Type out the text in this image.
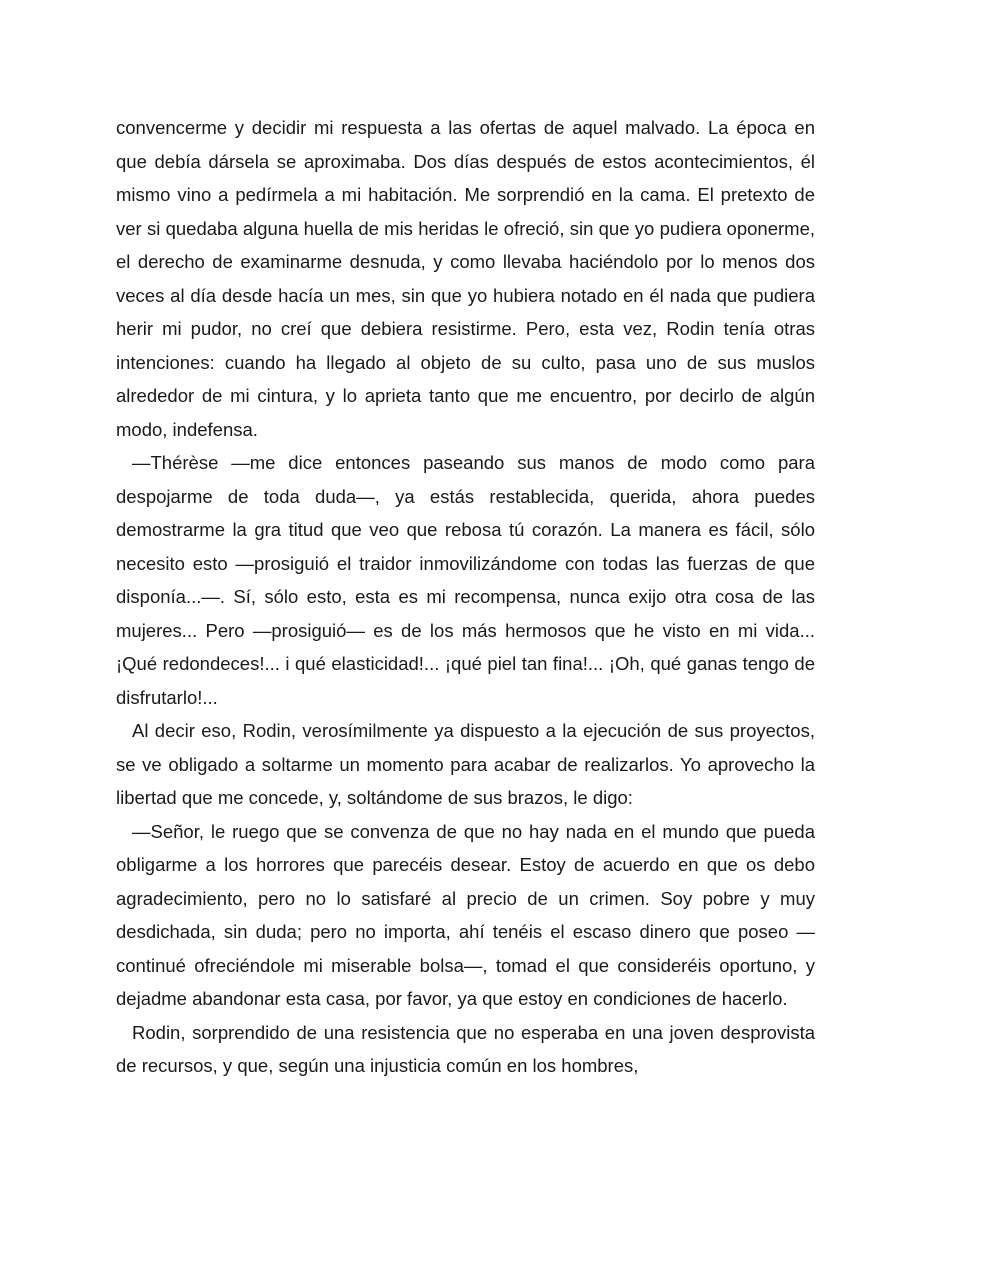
convencerme y decidir mi respuesta a las ofertas de aquel malvado. La época en que debía dársela se aproximaba. Dos días después de estos acontecimientos, él mismo vino a pedírmela a mi habitación. Me sorprendió en la cama. El pretexto de ver si quedaba alguna huella de mis heridas le ofreció, sin que yo pudiera oponerme, el derecho de examinarme desnuda, y como llevaba haciéndolo por lo menos dos veces al día desde hacía un mes, sin que yo hubiera notado en él nada que pudiera herir mi pudor, no creí que debiera resistirme. Pero, esta vez, Rodin tenía otras intenciones: cuando ha llegado al objeto de su culto, pasa uno de sus muslos alrededor de mi cintura, y lo aprieta tanto que me encuentro, por decirlo de algún modo, indefensa.

—Thérèse —me dice entonces paseando sus manos de modo como para despojarme de toda duda—, ya estás restablecida, querida, ahora puedes demostrarme la gra titud que veo que rebosa tú corazón. La manera es fácil, sólo necesito esto —prosiguió el traidor inmovilizándome con todas las fuerzas de que disponía...—. Sí, sólo esto, esta es mi recompensa, nunca exijo otra cosa de las mujeres... Pero —prosiguió— es de los más hermosos que he visto en mi vida... ¡Qué redondeces!... i qué elasticidad!... ¡qué piel tan fina!... ¡Oh, qué ganas tengo de disfrutarlo!...

Al decir eso, Rodin, verosímilmente ya dispuesto a la ejecución de sus proyectos, se ve obligado a soltarme un momento para acabar de realizarlos. Yo aprovecho la libertad que me concede, y, soltándome de sus brazos, le digo:

—Señor, le ruego que se convenza de que no hay nada en el mundo que pueda obligarme a los horrores que parecéis desear. Estoy de acuerdo en que os debo agradecimiento, pero no lo satisfaré al precio de un crimen. Soy pobre y muy desdichada, sin duda; pero no importa, ahí tenéis el escaso dinero que poseo —continué ofreciéndole mi miserable bolsa—, tomad el que consideréis oportuno, y dejadme abandonar esta casa, por favor, ya que estoy en condiciones de hacerlo.

Rodin, sorprendido de una resistencia que no esperaba en una joven desprovista de recursos, y que, según una injusticia común en los hombres,
